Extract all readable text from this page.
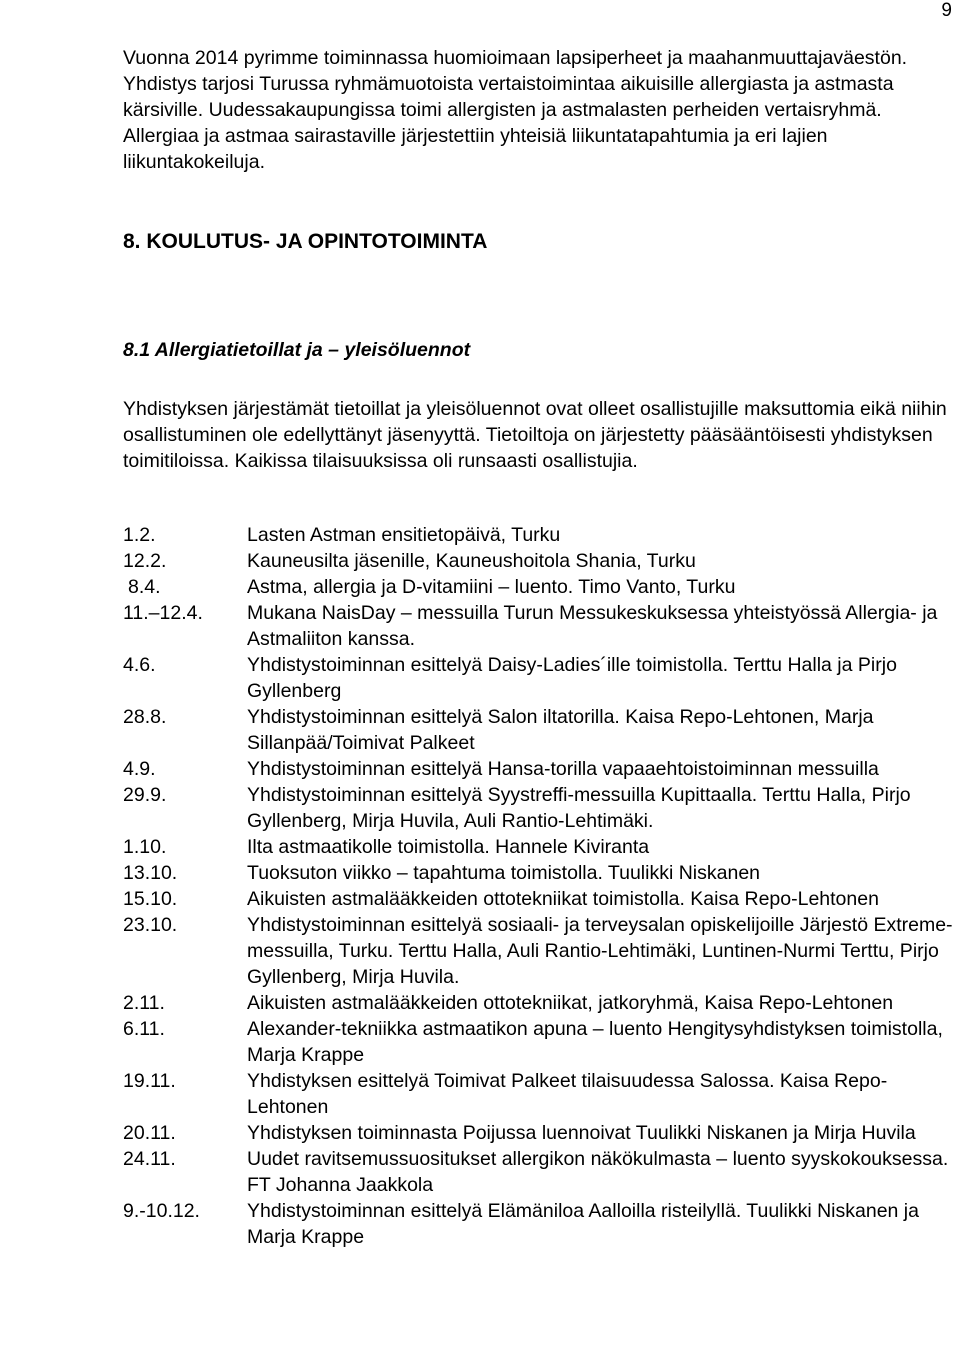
9

Vuonna 2014 pyrimme toiminnassa huomioimaan lapsiperheet ja maahanmuuttajaväestön. Yhdistys tarjosi Turussa ryhmämuotoista vertaistoimintaa aikuisille allergiasta ja astmasta kärsiville. Uudessakaupungissa toimi allergisten ja astmalasten perheiden vertaisryhmä.

Allergiaa ja astmaa sairastaville järjestettiin yhteisiä liikuntatapahtumia ja eri lajien liikuntakokeiluja.

8. KOULUTUS- JA OPINTOTOIMINTA
8.1 Allergiatietoillat ja – yleisöluennot

Yhdistyksen järjestämät tietoillat ja yleisöluennot ovat olleet osallistujille maksuttomia eikä niihin osallistuminen ole edellyttänyt jäsenyyttä. Tietoiltoja on järjestetty pääsääntöisesti yhdistyksen toimitiloissa. Kaikissa tilaisuuksissa oli runsaasti osallistujia.

1.2.	Lasten Astman ensitietopäivä, Turku
12.2.	Kauneusilta jäsenille, Kauneushoitola Shania, Turku
8.4.	Astma, allergia ja D-vitamiini – luento. Timo Vanto, Turku
11.–12.4.	Mukana NaisDay – messuilla Turun Messukeskuksessa yhteistyössä Allergia- ja Astmaliiton kanssa.
4.6.	Yhdistystoiminnan esittelyä Daisy-Ladies´ille toimistolla. Terttu Halla ja Pirjo Gyllenberg
28.8.	Yhdistystoiminnan esittelyä Salon iltatorilla. Kaisa Repo-Lehtonen, Marja Sillanpää/Toimivat Palkeet
4.9.	Yhdistystoiminnan esittelyä Hansa-torilla vapaaehtoistoiminnan messuilla
29.9.	Yhdistystoiminnan esittelyä Syystreffi-messuilla Kupittaalla. Terttu Halla, Pirjo Gyllenberg, Mirja Huvila, Auli Rantio-Lehtimäki.
1.10.	Ilta astmaatikolle toimistolla. Hannele Kiviranta
13.10.	Tuoksuton viikko – tapahtuma toimistolla. Tuulikki Niskanen
15.10.	Aikuisten astmalääkkeiden ottotekniikat toimistolla. Kaisa Repo-Lehtonen
23.10.	Yhdistystoiminnan esittelyä sosiaali- ja terveysalan opiskelijoille Järjestö Extreme-messuilla, Turku. Terttu Halla, Auli Rantio-Lehtimäki, Luntinen-Nurmi Terttu, Pirjo Gyllenberg, Mirja Huvila.
2.11.	Aikuisten astmalääkkeiden ottotekniikat, jatkoryhmä, Kaisa Repo-Lehtonen
6.11.	Alexander-tekniikka astmaatikon apuna – luento Hengitysyhdistyksen toimistolla, Marja Krappe
19.11.	Yhdistyksen esittelyä Toimivat Palkeet tilaisuudessa Salossa. Kaisa Repo-Lehtonen
20.11.	Yhdistyksen toiminnasta Poijussa luennoivat Tuulikki Niskanen ja Mirja Huvila
24.11.	Uudet ravitsemussuositukset allergikon näkökulmasta – luento syyskokouksessa. FT Johanna Jaakkola
9.-10.12.	Yhdistystoiminnan esittelyä Elämäniloa Aalloilla risteilyllä. Tuulikki Niskanen ja Marja Krappe
